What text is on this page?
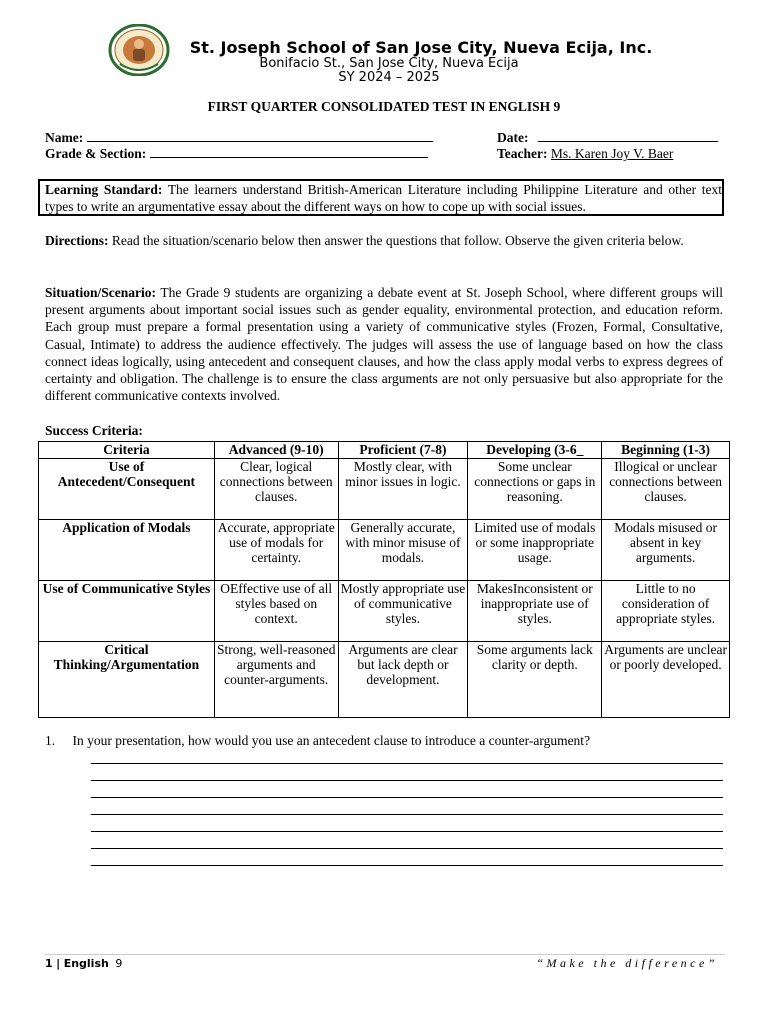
St. Joseph School of San Jose City, Nueva Ecija, Inc.
Bonifacio St., San Jose City, Nueva Ecija
SY 2024 – 2025
FIRST QUARTER CONSOLIDATED TEST IN ENGLISH 9
Name:	Date:
Grade & Section:	Teacher: Ms. Karen Joy V. Baer
Learning Standard: The learners understand British-American Literature including Philippine Literature and other text types to write an argumentative essay about the different ways on how to cope up with social issues.
Directions: Read the situation/scenario below then answer the questions that follow. Observe the given criteria below.
Situation/Scenario: The Grade 9 students are organizing a debate event at St. Joseph School, where different groups will present arguments about important social issues such as gender equality, environmental protection, and education reform. Each group must prepare a formal presentation using a variety of communicative styles (Frozen, Formal, Consultative, Casual, Intimate) to address the audience effectively. The judges will assess the use of language based on how the class connect ideas logically, using antecedent and consequent clauses, and how the class apply modal verbs to express degrees of certainty and obligation. The challenge is to ensure the class arguments are not only persuasive but also appropriate for the different communicative contexts involved.
Success Criteria:
Criteria	Advanced (9-10)	Proficient (7-8)	Developing (3-6_	Beginning (1-3)
Use of Antecedent/Consequent	Clear, logical connections between clauses.	Mostly clear, with minor issues in logic.	Some unclear connections or gaps in reasoning.	Illogical or unclear connections between clauses.
Application of Modals	Accurate, appropriate use of modals for certainty.	Generally accurate, with minor misuse of modals.	Limited use of modals or some inappropriate usage.	Modals misused or absent in key arguments.
Use of Communicative Styles	OEffective use of all styles based on context.	Mostly appropriate use of communicative styles.	MakesInconsistent or inappropriate use of styles.	Little to no consideration of appropriate styles.
Critical Thinking/Argumentation	Strong, well-reasoned arguments and counter-arguments.	Arguments are clear but lack depth or development.	Some arguments lack clarity or depth.	Arguments are unclear or poorly developed.
1. In your presentation, how would you use an antecedent clause to introduce a counter-argument?
1 | English 9	“Make the difference”
